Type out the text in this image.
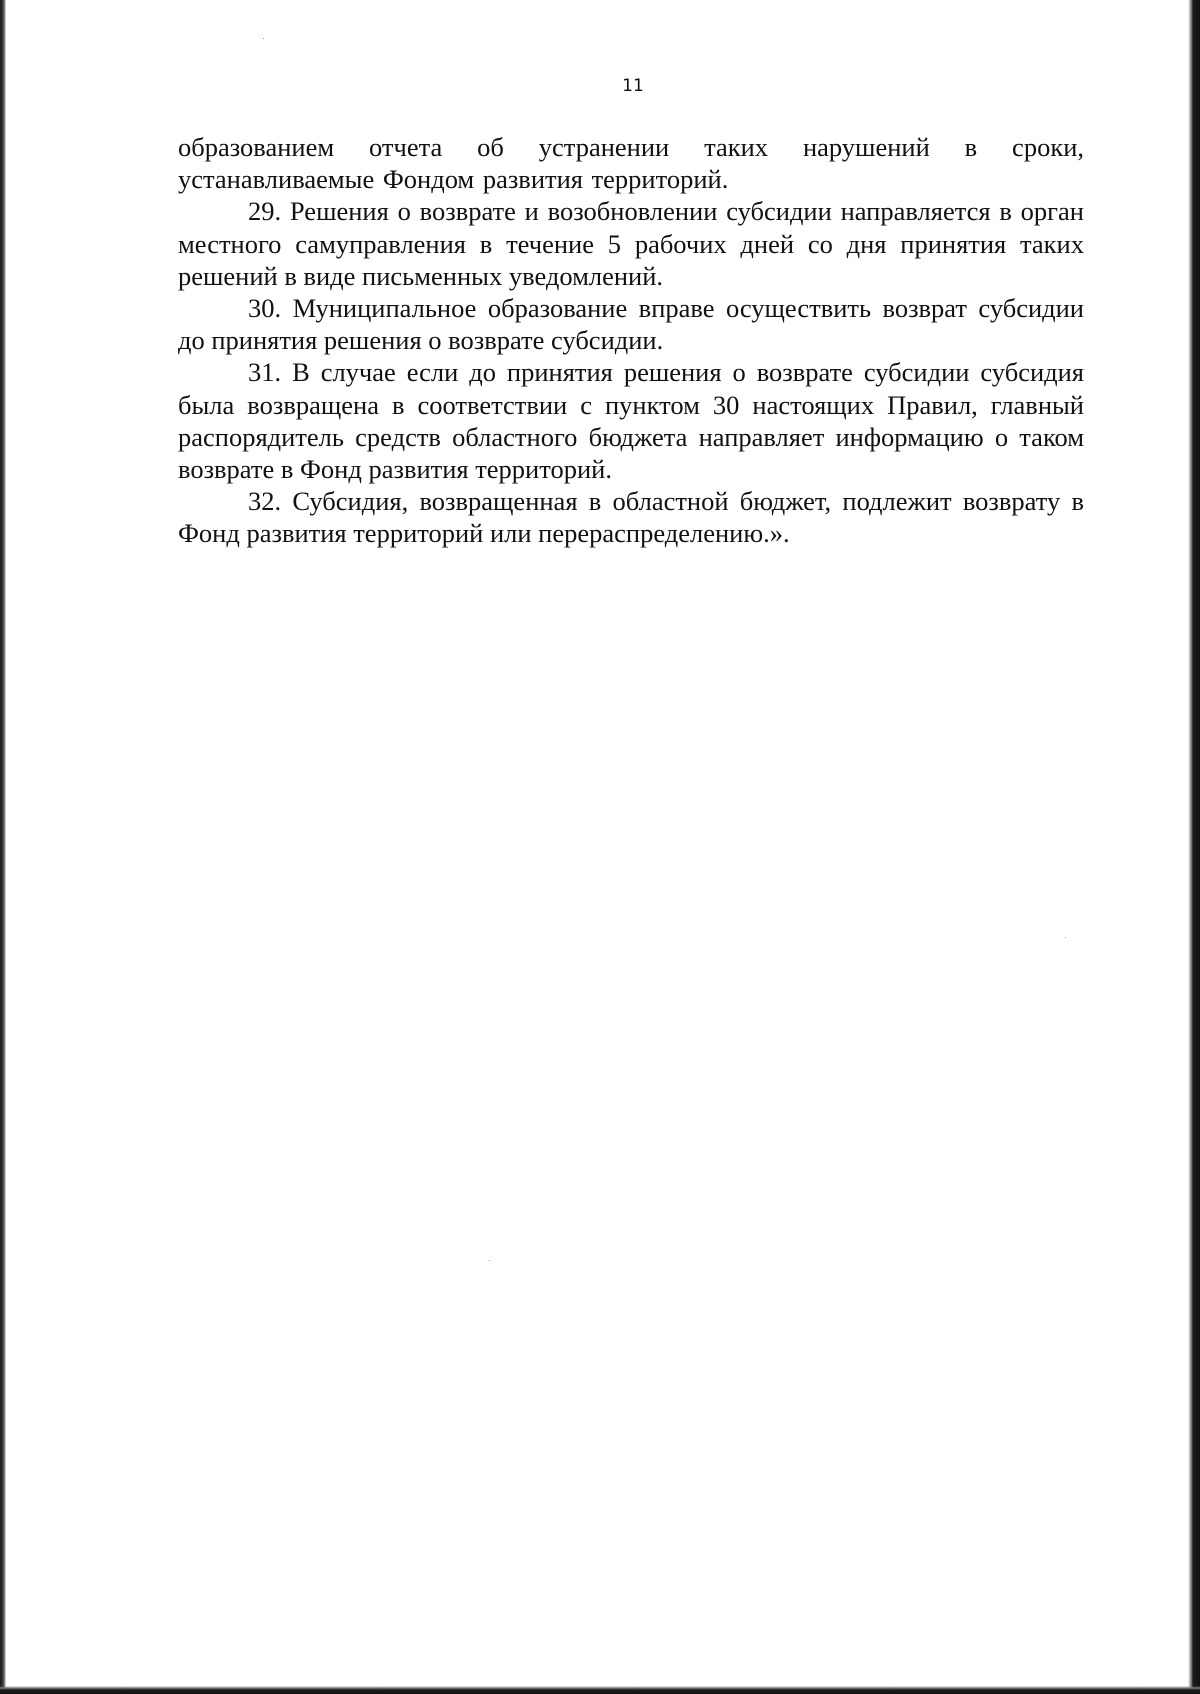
11

образованием отчета об устранении таких нарушений в сроки, устанавливаемые Фондом развития территорий.

29. Решения о возврате и возобновлении субсидии направляется в орган местного самуправления в течение 5 рабочих дней со дня принятия таких решений в виде письменных уведомлений.

30. Муниципальное образование вправе осуществить возврат субсидии до принятия решения о возврате субсидии.

31. В случае если до принятия решения о возврате субсидии субсидия была возвращена в соответствии с пунктом 30 настоящих Правил, главный распорядитель средств областного бюджета направляет информацию о таком возврате в Фонд развития территорий.

32. Субсидия, возвращенная в областной бюджет, подлежит возврату в Фонд развития территорий или перераспределению.».
